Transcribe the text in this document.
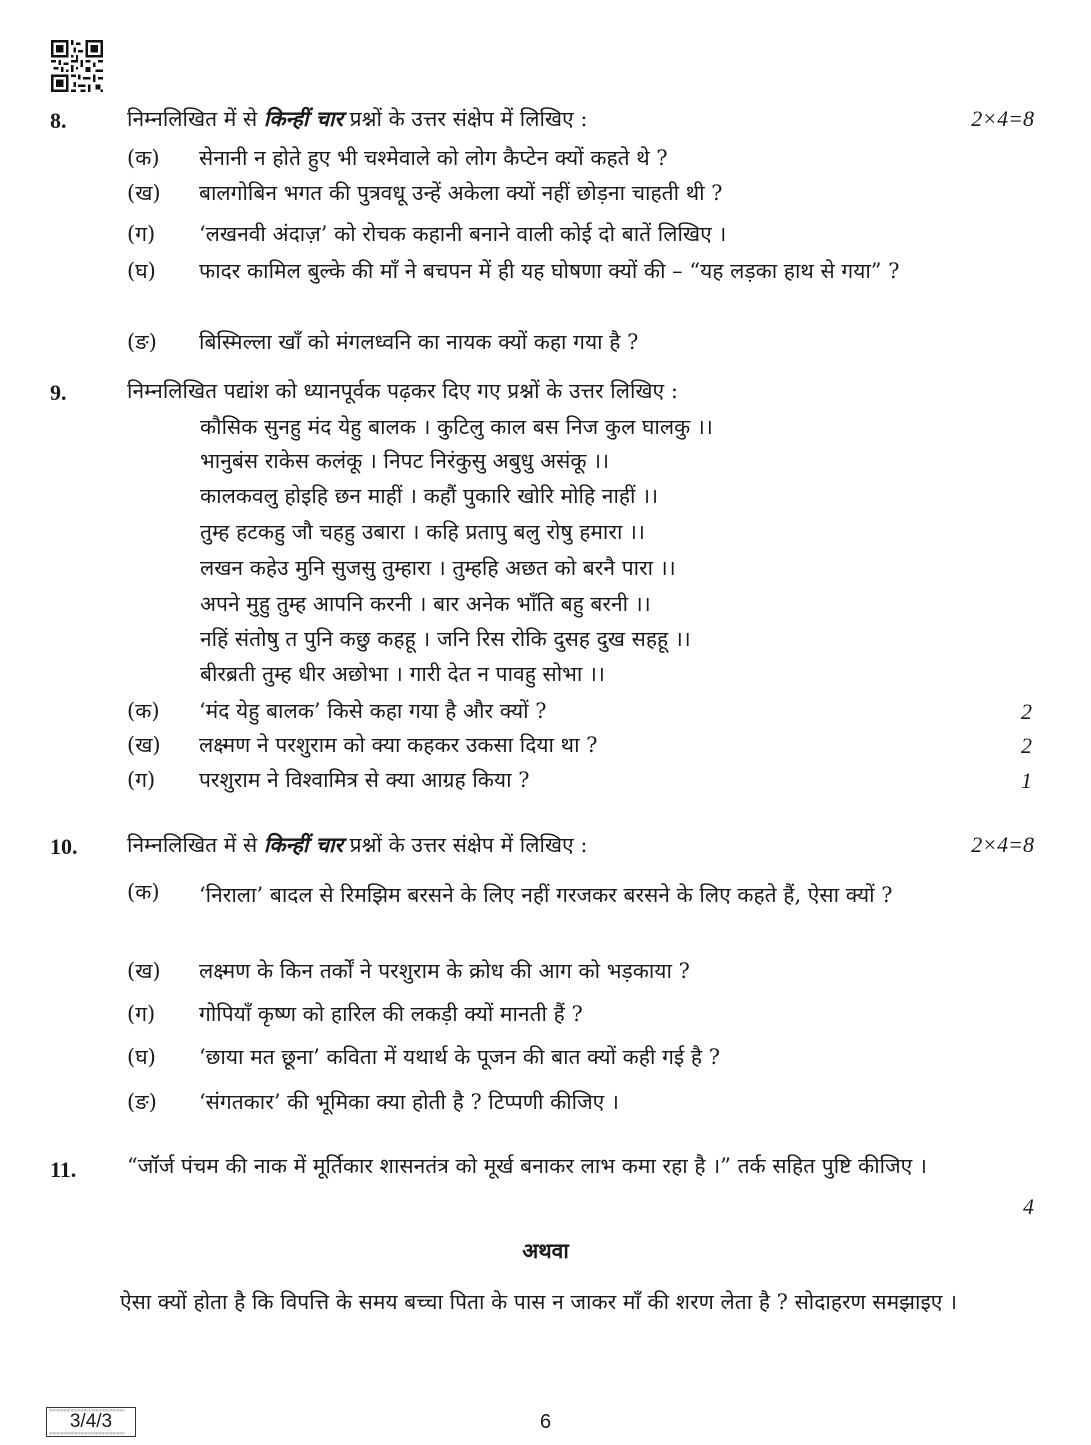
8.	निम्नलिखित में से किन्हीं चार प्रश्नों के उत्तर संक्षेप में लिखिए :	2×4=8
(क)	सेनानी न होते हुए भी चश्मेवाले को लोग कैप्टेन क्यों कहते थे ?
(ख)	बालगोबिन भगत की पुत्रवधू उन्हें अकेला क्यों नहीं छोड़ना चाहती थी ?
(ग)	‘लखनवी अंदाज़’ को रोचक कहानी बनाने वाली कोई दो बातें लिखिए ।
(घ)	फादर कामिल बुल्के की माँ ने बचपन में ही यह घोषणा क्यों की – “यह लड़का हाथ से गया” ?
(ङ)	बिस्मिल्ला खाँ को मंगलध्वनि का नायक क्यों कहा गया है ?
9.	निम्नलिखित पद्यांश को ध्यानपूर्वक पढ़कर दिए गए प्रश्नों के उत्तर लिखिए :
कौसिक सुनहु मंद येहु बालक । कुटिलु काल बस निज कुल घालकु ।।
भानुबंस राकेस कलंकू । निपट निरंकुसु अबुधु असंकू ।।
कालकवलु होइहि छन माहीं । कहौं पुकारि खोरि मोहि नाहीं ।।
तुम्ह हटकहु जौ चहहु उबारा । कहि प्रतापु बलु रोषु हमारा ।।
लखन कहेउ मुनि सुजसु तुम्हारा । तुम्हहि अछत को बरनै पारा ।।
अपने मुहु तुम्ह आपनि करनी । बार अनेक भाँति बहु बरनी ।।
नहिं संतोषु त पुनि कछु कहहू । जनि रिस रोकि दुसह दुख सहहू ।।
बीरब्रती तुम्ह धीर अछोभा । गारी देत न पावहु सोभा ।।
(क)	‘मंद येहु बालक’ किसे कहा गया है और क्यों ?	2
(ख)	लक्ष्मण ने परशुराम को क्या कहकर उकसा दिया था ?	2
(ग)	परशुराम ने विश्वामित्र से क्या आग्रह किया ?	1
10. निम्नलिखित में से किन्हीं चार प्रश्नों के उत्तर संक्षेप में लिखिए :	2×4=8
(क)	‘निराला’ बादल से रिमझिम बरसने के लिए नहीं गरजकर बरसने के लिए कहते हैं, ऐसा क्यों ?
(ख)	लक्ष्मण के किन तर्कों ने परशुराम के क्रोध की आग को भड़काया ?
(ग)	गोपियाँ कृष्ण को हारिल की लकड़ी क्यों मानती हैं ?
(घ)	‘छाया मत छूना’ कविता में यथार्थ के पूजन की बात क्यों कही गई है ?
(ङ)	‘संगतकार’ की भूमिका क्या होती है ? टिप्पणी कीजिए ।
11. “जॉर्ज पंचम की नाक में मूर्तिकार शासनतंत्र को मूर्ख बनाकर लाभ कमा रहा है ।” तर्क सहित पुष्टि कीजिए ।
4
अथवा
ऐसा क्यों होता है कि विपत्ति के समय बच्चा पिता के पास न जाकर माँ की शरण लेता है ? सोदाहरण समझाइए ।
|||||||||||||||||||||||||||||||||||||||||||||||||||||||||||||||||||||||||||||||||||||||||||||||||
3/4/3
|||||||||||||||||||||||||||||||||||||||||||||||||||||||||||||||||||||||||||||||||||||||||||||||||	6
